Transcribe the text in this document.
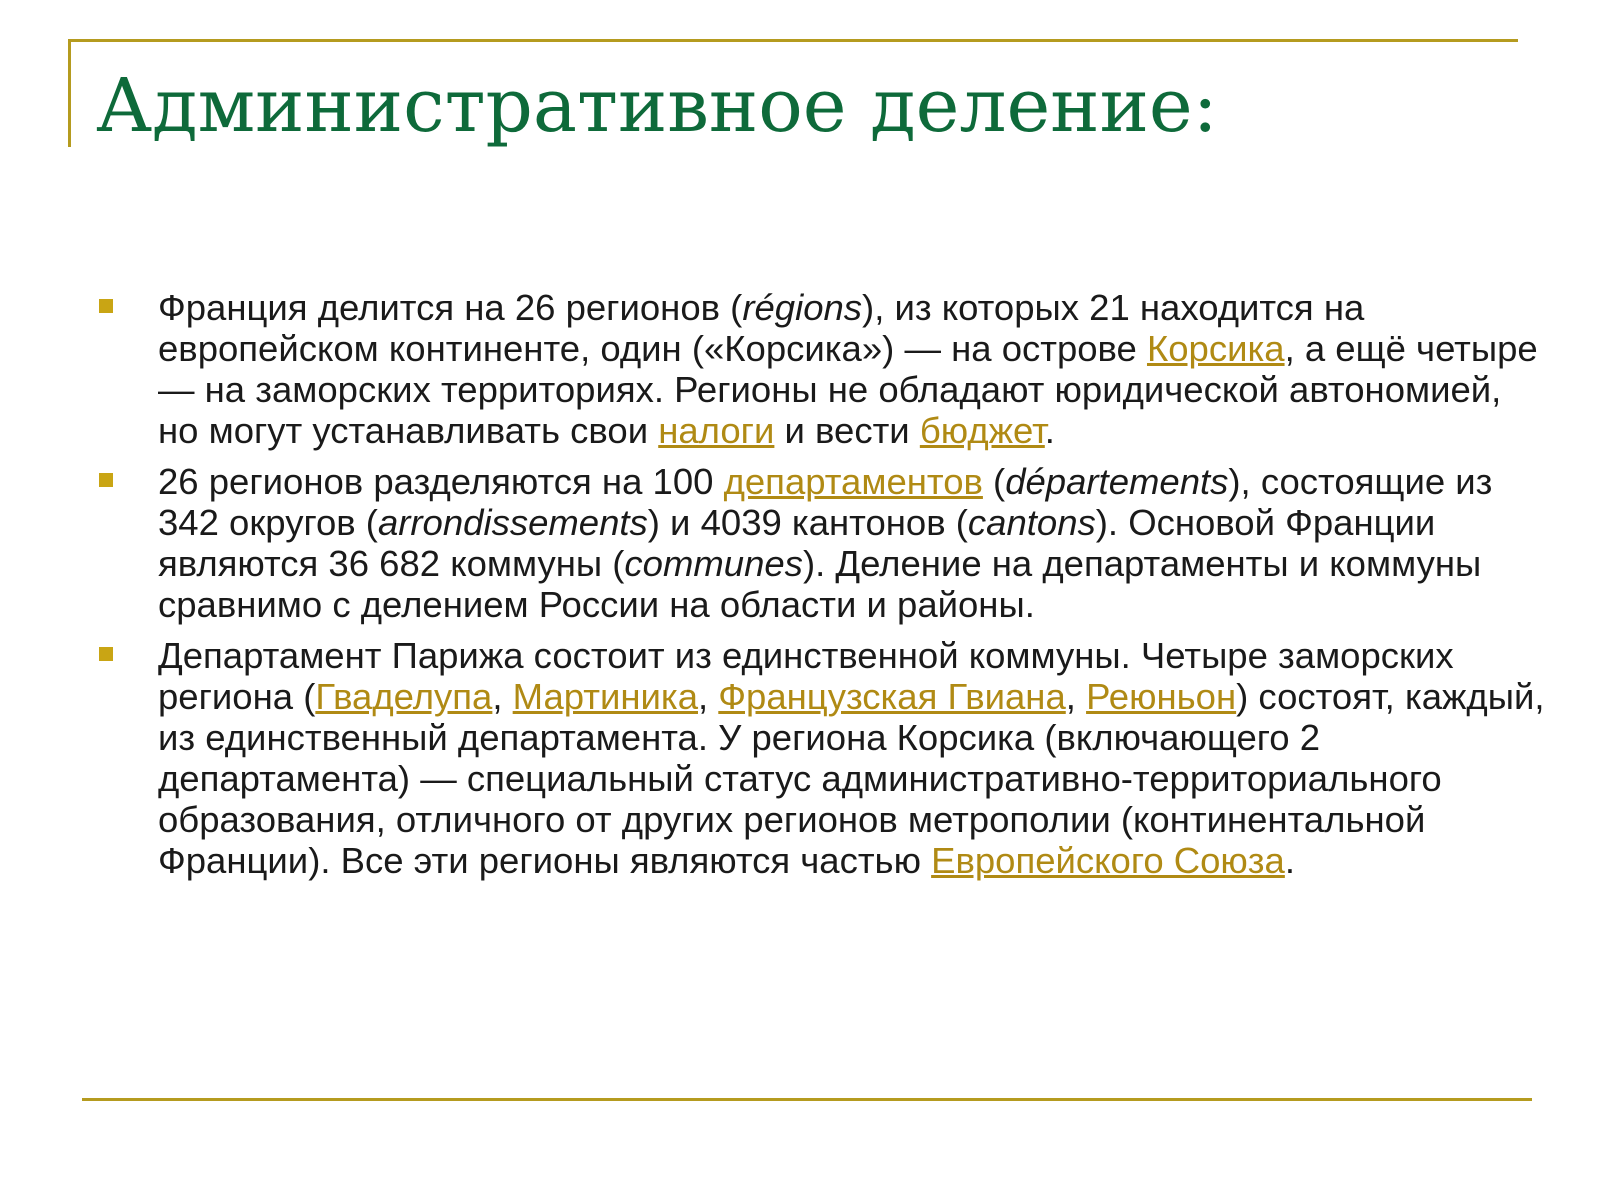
Административное деление:
Франция делится на 26 регионов (régions), из которых 21 находится на европейском континенте, один («Корсика») — на острове Корсика, а ещё четыре — на заморских территориях. Регионы не обладают юридической автономией, но могут устанавливать свои налоги и вести бюджет.
26 регионов разделяются на 100 департаментов (départements), состоящие из 342 округов (arrondissements) и 4039 кантонов (cantons). Основой Франции являются 36 682 коммуны (communes). Деление на департаменты и коммуны сравнимо с делением России на области и районы.
Департамент Парижа состоит из единственной коммуны. Четыре заморских региона (Гваделупа, Мартиника, Французская Гвиана, Реюньон) состоят, каждый, из единственный департамента. У региона Корсика (включающего 2 департамента) — специальный статус административно-территориального образования, отличного от других регионов метрополии (континентальной Франции). Все эти регионы являются частью Европейского Союза.
